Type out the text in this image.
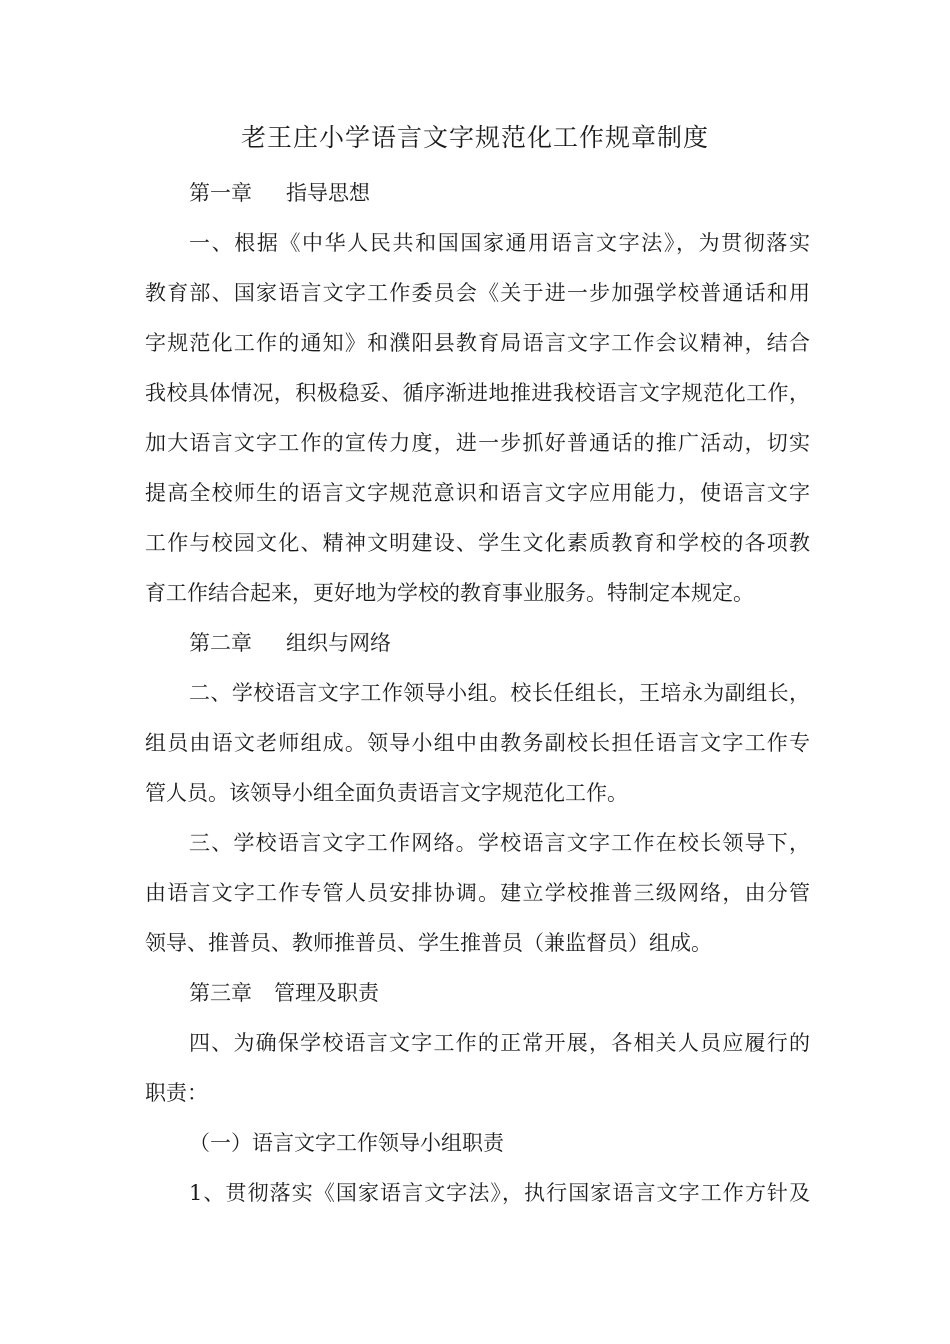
老王庄小学语言文字规范化工作规章制度
第一章 指导思想
一、根据《中华人民共和国国家通用语言文字法》，为贯彻落实
教育部、国家语言文字工作委员会《关于进一步加强学校普通话和用
字规范化工作的通知》和濮阳县教育局语言文字工作会议精神，结合
我校具体情况，积极稳妥、循序渐进地推进我校语言文字规范化工作，
加大语言文字工作的宣传力度，进一步抓好普通话的推广活动，切实
提高全校师生的语言文字规范意识和语言文字应用能力，使语言文字
工作与校园文化、精神文明建设、学生文化素质教育和学校的各项教
育工作结合起来，更好地为学校的教育事业服务。特制定本规定。
第二章 组织与网络
二、学校语言文字工作领导小组。校长任组长，王培永为副组长，
组员由语文老师组成。领导小组中由教务副校长担任语言文字工作专
管人员。该领导小组全面负责语言文字规范化工作。
三、学校语言文字工作网络。学校语言文字工作在校长领导下，
由语言文字工作专管人员安排协调。建立学校推普三级网络，由分管
领导、推普员、教师推普员、学生推普员（兼监督员）组成。
第三章 管理及职责
四、为确保学校语言文字工作的正常开展，各相关人员应履行的
职责：
（一）语言文字工作领导小组职责
1、贯彻落实《国家语言文字法》，执行国家语言文字工作方针及
